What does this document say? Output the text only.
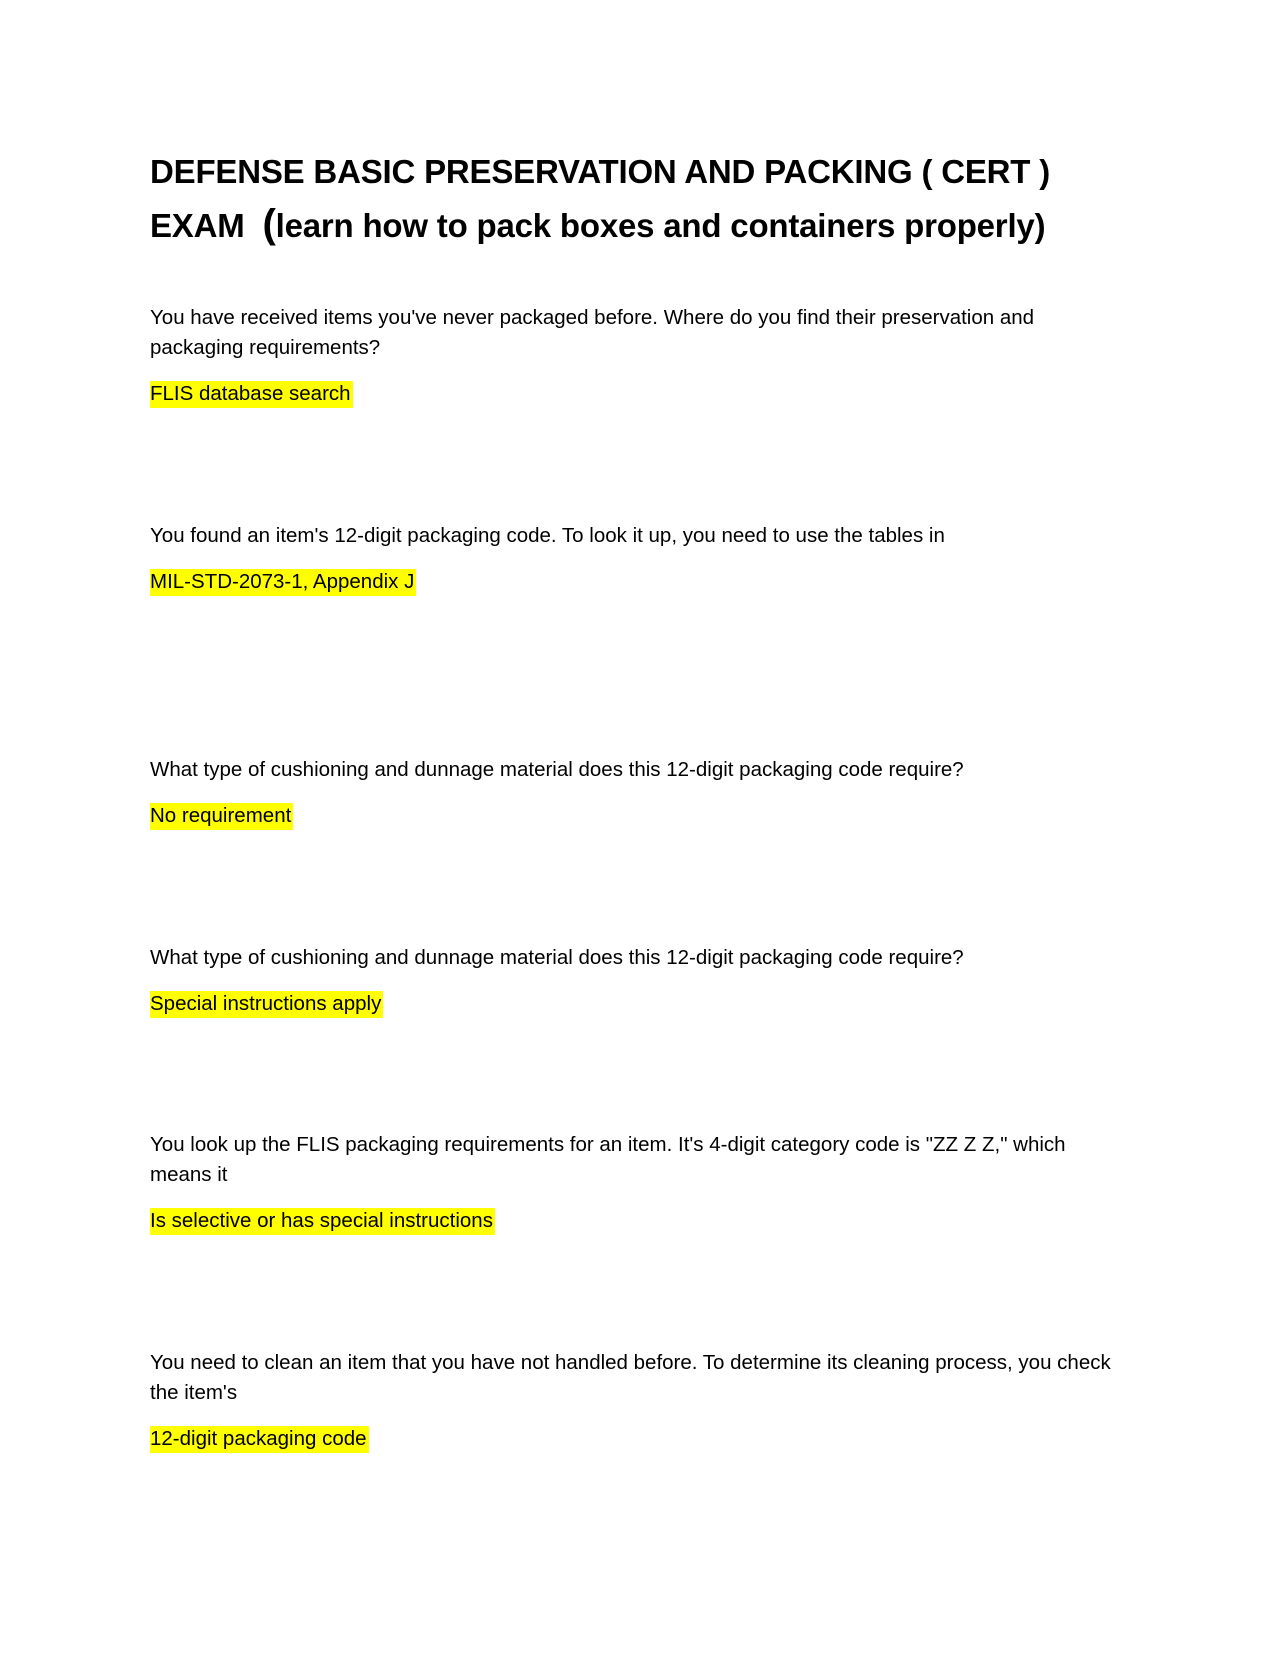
DEFENSE BASIC PRESERVATION AND PACKING ( CERT )
EXAM (learn how to pack boxes and containers properly)

You have received items you've never packaged before. Where do you find their preservation and packaging requirements?

FLIS database search

You found an item's 12-digit packaging code. To look it up, you need to use the tables in

MIL-STD-2073-1, Appendix J

What type of cushioning and dunnage material does this 12-digit packaging code require?

No requirement

What type of cushioning and dunnage material does this 12-digit packaging code require?

Special instructions apply

You look up the FLIS packaging requirements for an item. It's 4-digit category code is "ZZ Z Z," which means it

Is selective or has special instructions

You need to clean an item that you have not handled before. To determine its cleaning process, you check the item's

12-digit packaging code
